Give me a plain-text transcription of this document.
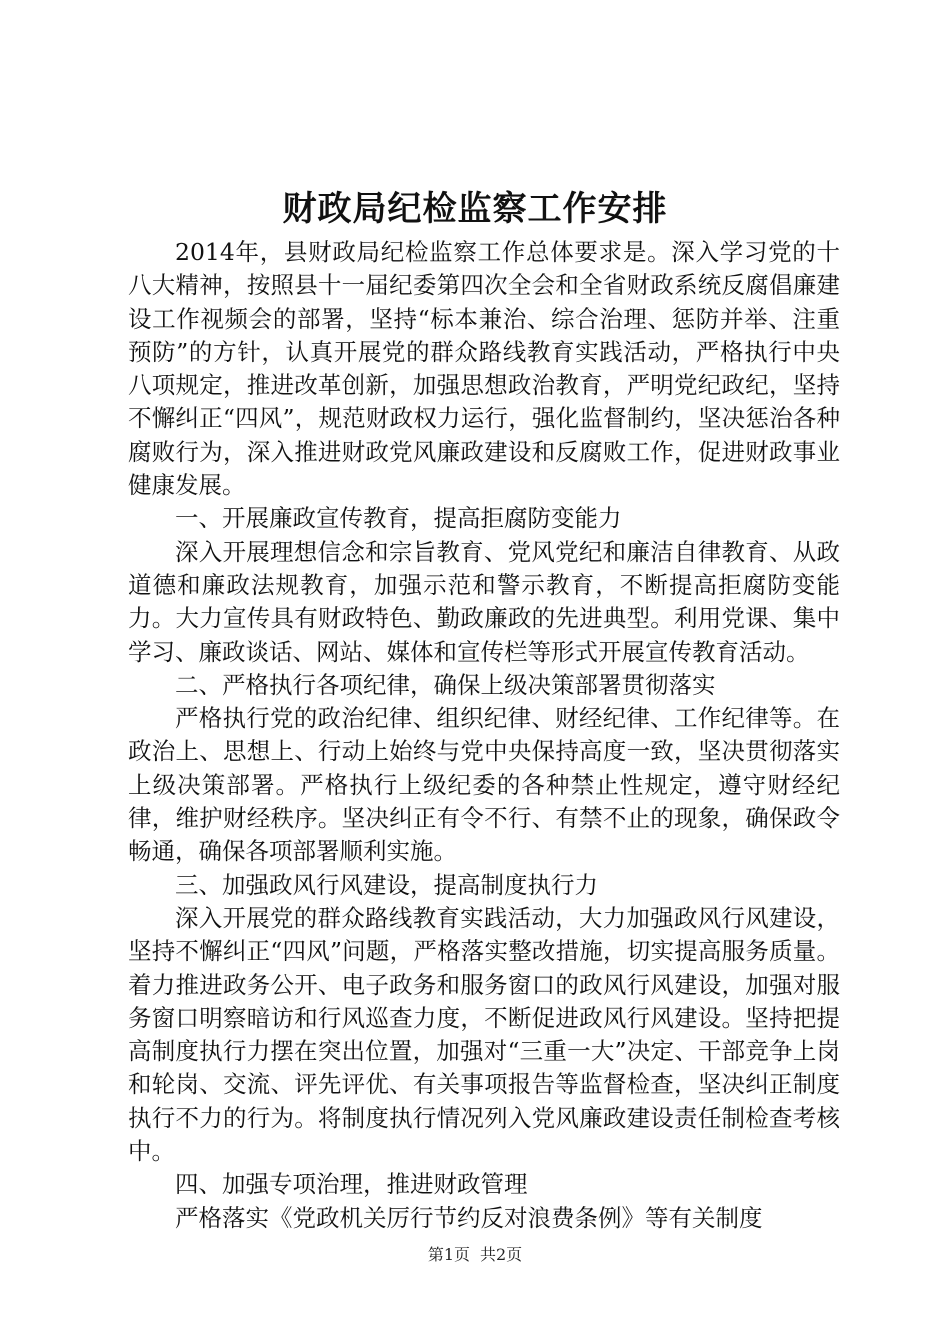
财政局纪检监察工作安排

2014年，县财政局纪检监察工作总体要求是。深入学习党的十八大精神，按照县十一届纪委第四次全会和全省财政系统反腐倡廉建设工作视频会的部署，坚持“标本兼治、综合治理、惩防并举、注重预防”的方针，认真开展党的群众路线教育实践活动，严格执行中央八项规定，推进改革创新，加强思想政治教育，严明党纪政纪，坚持不懈纠正“四风”，规范财政权力运行，强化监督制约，坚决惩治各种腐败行为，深入推进财政党风廉政建设和反腐败工作，促进财政事业健康发展。

一、开展廉政宣传教育，提高拒腐防变能力

深入开展理想信念和宗旨教育、党风党纪和廉洁自律教育、从政道德和廉政法规教育，加强示范和警示教育，不断提高拒腐防变能力。大力宣传具有财政特色、勤政廉政的先进典型。利用党课、集中学习、廉政谈话、网站、媒体和宣传栏等形式开展宣传教育活动。

二、严格执行各项纪律，确保上级决策部署贯彻落实

严格执行党的政治纪律、组织纪律、财经纪律、工作纪律等。在政治上、思想上、行动上始终与党中央保持高度一致，坚决贯彻落实上级决策部署。严格执行上级纪委的各种禁止性规定，遵守财经纪律，维护财经秩序。坚决纠正有令不行、有禁不止的现象，确保政令畅通，确保各项部署顺利实施。

三、加强政风行风建设，提高制度执行力

深入开展党的群众路线教育实践活动，大力加强政风行风建设，坚持不懈纠正“四风”问题，严格落实整改措施，切实提高服务质量。着力推进政务公开、电子政务和服务窗口的政风行风建设，加强对服务窗口明察暗访和行风巡查力度，不断促进政风行风建设。坚持把提高制度执行力摆在突出位置，加强对“三重一大”决定、干部竞争上岗和轮岗、交流、评先评优、有关事项报告等监督检查，坚决纠正制度执行不力的行为。将制度执行情况列入党风廉政建设责任制检查考核中。

四、加强专项治理，推进财政管理

严格落实《党政机关厉行节约反对浪费条例》等有关制度

第1页 共2页
